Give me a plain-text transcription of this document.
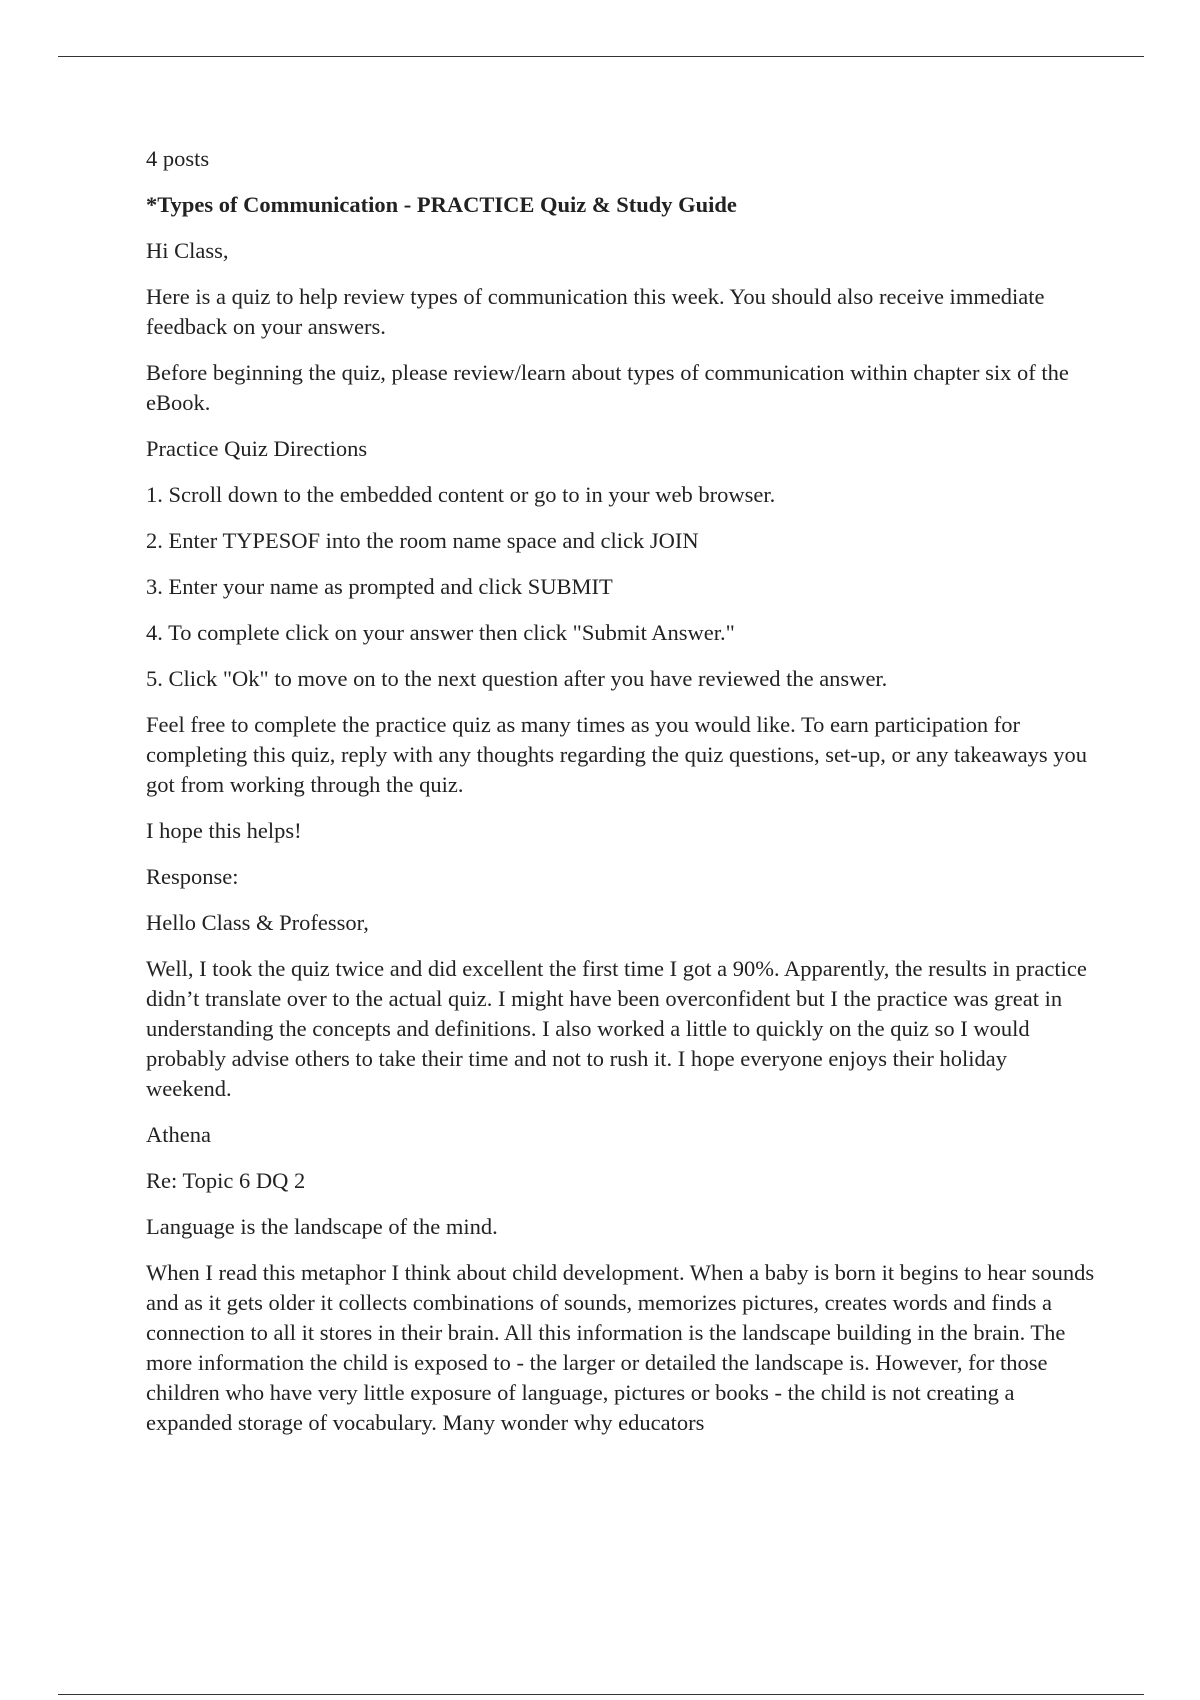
4 posts

*Types of Communication - PRACTICE Quiz & Study Guide

Hi Class,

Here is a quiz to help review types of communication this week. You should also receive immediate feedback on your answers.

Before beginning the quiz, please review/learn about types of communication within chapter six of the eBook.

Practice Quiz Directions

1. Scroll down to the embedded content or go to in your web browser.

2. Enter TYPESOF into the room name space and click JOIN

3. Enter your name as prompted and click SUBMIT

4. To complete click on your answer then click "Submit Answer."

5. Click "Ok" to move on to the next question after you have reviewed the answer.

Feel free to complete the practice quiz as many times as you would like. To earn participation for completing this quiz, reply with any thoughts regarding the quiz questions, set-up, or any takeaways you got from working through the quiz.

I hope this helps!

Response:

Hello Class & Professor,

Well, I took the quiz twice and did excellent the first time I got a 90%. Apparently, the results in practice didn’t translate over to the actual quiz. I might have been overconfident but I the practice was great in understanding the concepts and definitions. I also worked a little to quickly on the quiz so I would probably advise others to take their time and not to rush it. I hope everyone enjoys their holiday weekend.

Athena

Re: Topic 6 DQ 2

Language is the landscape of the mind.

When I read this metaphor I think about child development. When a baby is born it begins to hear sounds and as it gets older it collects combinations of sounds, memorizes pictures, creates words and finds a connection to all it stores in their brain. All this information is the landscape building in the brain. The more information the child is exposed to - the larger or detailed the landscape is. However, for those children who have very little exposure of language, pictures or books - the child is not creating a expanded storage of vocabulary. Many wonder why educators
